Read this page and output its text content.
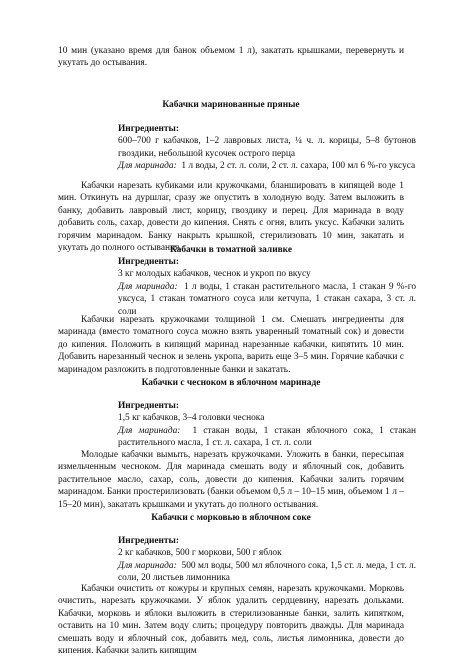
10 мин (указано время для банок объемом 1 л), закатать крышками, перевернуть и укутать до остывания.

Кабачки маринованные пряные

Ингредиенты:
600–700 г кабачков, 1–2 лавровых листа, ¼ ч. л. корицы, 5–8 бутонов гвоздики, небольшой кусочек острого перца
Для маринада: 1 л воды, 2 ст. л. соли, 2 ст. л. сахара, 100 мл 6 %-го уксуса

Кабачки нарезать кубиками или кружочками, бланшировать в кипящей воде 1 мин. Откинуть на дуршлаг, сразу же опустить в холодную воду. Затем выложить в банку, добавить лавровый лист, корицу, гвоздику и перец. Для маринада в воду добавить соль, сахар, довести до кипения. Снять с огня, влить уксус. Кабачки залить горячим маринадом. Банку накрыть крышкой, стерилизовать 10 мин, закатать и укутать до полного остывания.

Кабачки в томатной заливке

Ингредиенты:
3 кг молодых кабачков, чеснок и укроп по вкусу
Для маринада: 1 л воды, 1 стакан растительного масла, 1 стакан 9 %-го уксуса, 1 стакан томатного соуса или кетчупа, 1 стакан сахара, 3 ст. л. соли

Кабачки нарезать кружочками толщиной 1 см. Смешать ингредиенты для маринада (вместо томатного соуса можно взять уваренный томатный сок) и довести до кипения. Положить в кипящий маринад нарезанные кабачки, кипятить 10 мин. Добавить нарезанный чеснок и зелень укропа, варить еще 3–5 мин. Горячие кабачки с маринадом разложить в подготовленные банки и закатать.

Кабачки с чесноком в яблочном маринаде

Ингредиенты:
1,5 кг кабачков, 3–4 головки чеснока
Для маринада: 1 стакан воды, 1 стакан яблочного сока, 1 стакан растительного масла, 1 ст. л. сахара, 1 ст. л. соли

Молодые кабачки вымыть, нарезать кружочками. Уложить в банки, пересыпая измельченным чесноком. Для маринада смешать воду и яблочный сок, добавить растительное масло, сахар, соль, довести до кипения. Кабачки залить горячим маринадом. Банки простерилизовать (банки объемом 0,5 л – 10–15 мин, объемом 1 л – 15–20 мин), закатать крышками и укутать до полного остывания.

Кабачки с морковью в яблочном соке

Ингредиенты:
2 кг кабачков, 500 г моркови, 500 г яблок
Для маринада: 500 мл воды, 500 мл яблочного сока, 1,5 ст. л. меда, 1 ст. л. соли, 20 листьев лимонника

Кабачки очистить от кожуры и крупных семян, нарезать кружочками. Морковь очистить, нарезать кружочками. У яблок удалить сердцевину, нарезать дольками. Кабачки, морковь и яблоки выложить в стерилизованные банки, залить кипятком, оставить на 10 мин. Затем воду слить; процедуру повторить дважды. Для маринада смешать воду и яблочный сок, добавить мед, соль, листья лимонника, довести до кипения. Кабачки залить кипящим
